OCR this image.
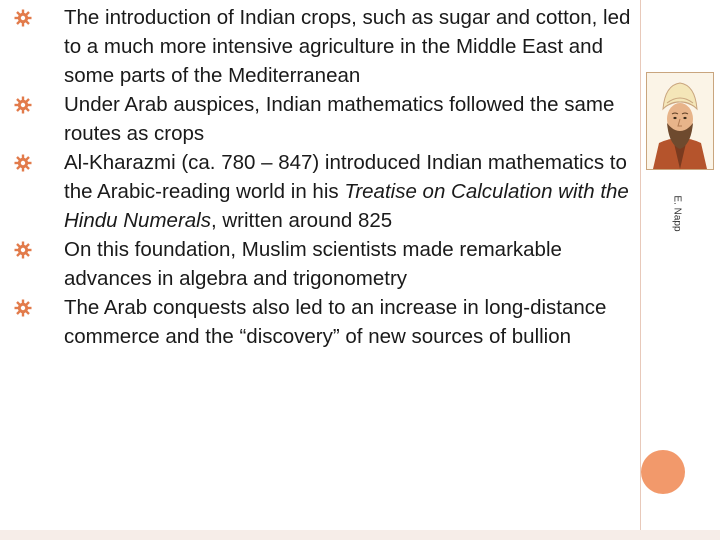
The introduction of Indian crops, such as sugar and cotton, led to a much more intensive agriculture in the Middle East and some parts of the Mediterranean
Under Arab auspices, Indian mathematics followed the same routes as crops
Al-Kharazmi (ca. 780 – 847) introduced Indian mathematics to the Arabic-reading world in his Treatise on Calculation with the Hindu Numerals, written around 825
On this foundation, Muslim scientists made remarkable advances in algebra and trigonometry
The Arab conquests also led to an increase in long-distance commerce and the “discovery” of new sources of bullion
E. Napp
